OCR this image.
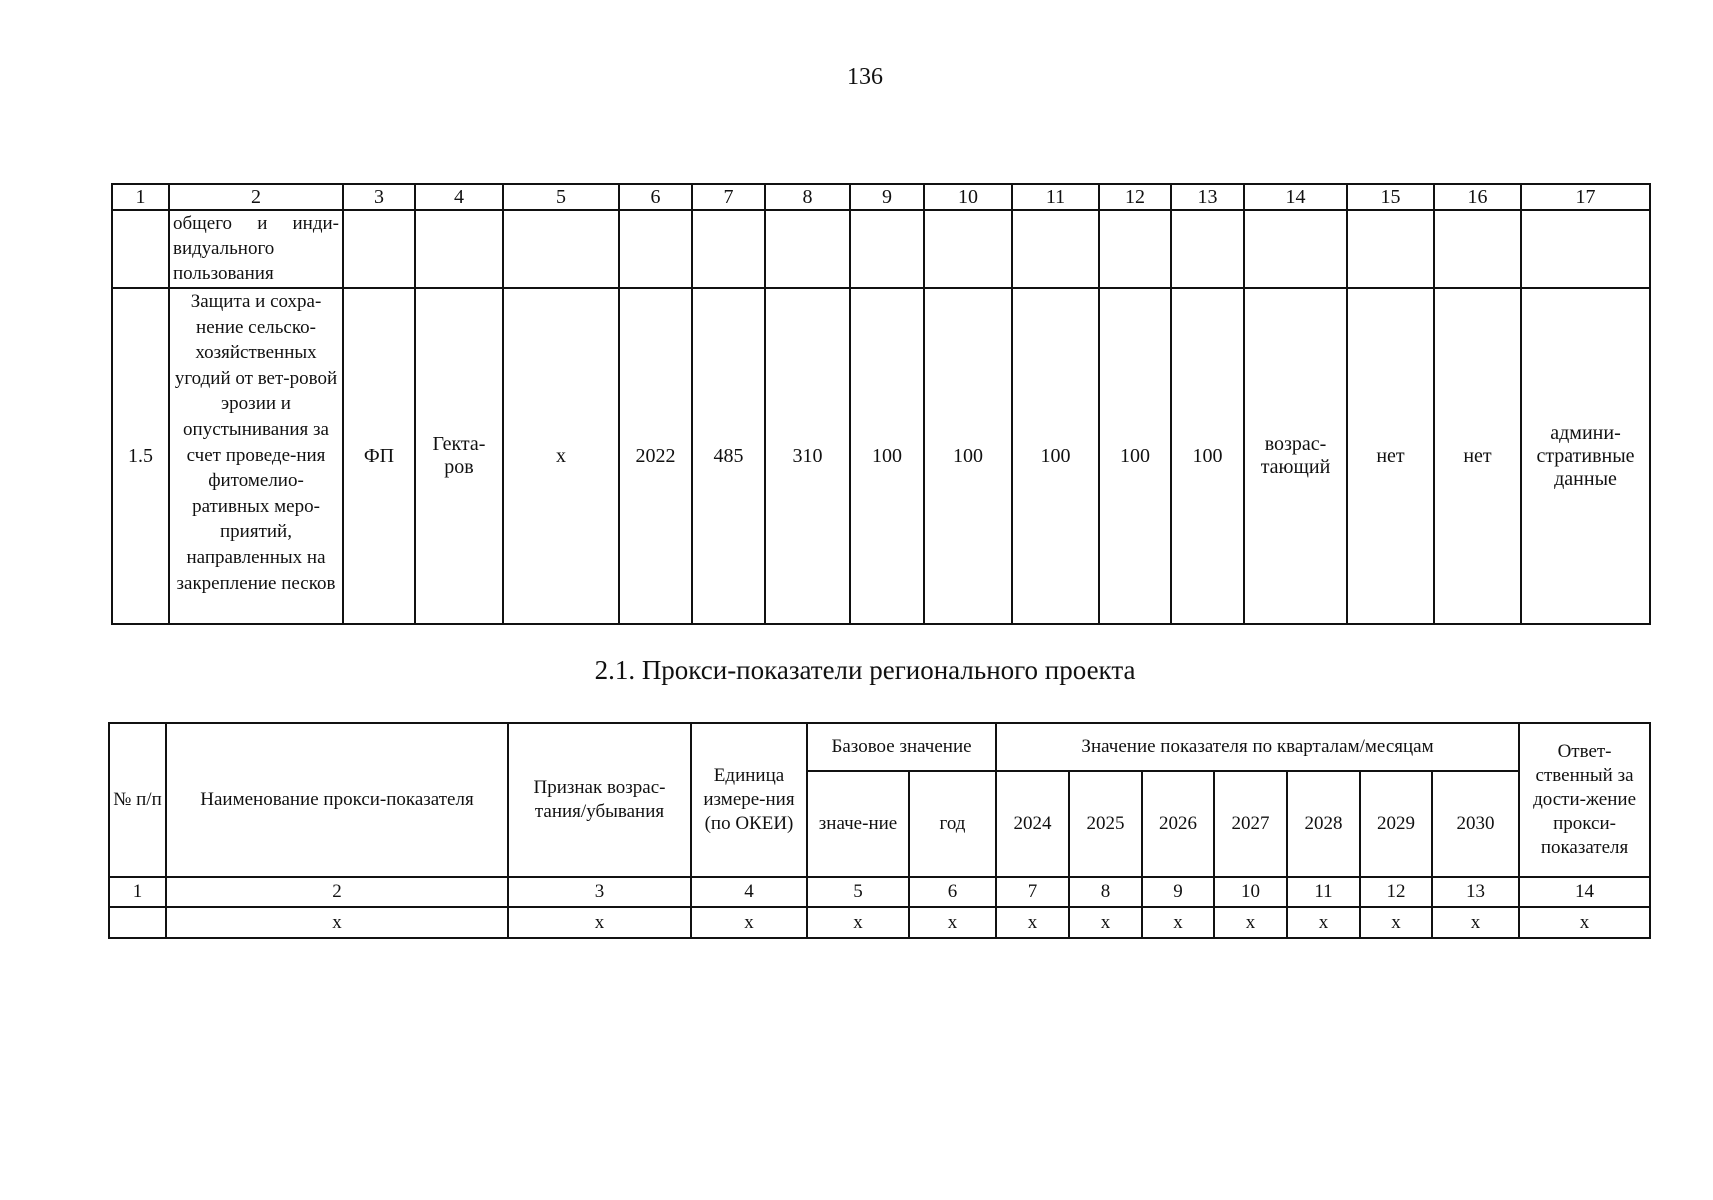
136
1	2	3	4	5	6	7	8	9	10	11	12	13	14	15	16	17
	общего и инди-видуального пользования															
1.5	Защита и сохра-нение сельско-хозяйственных угодий от вет-ровой эрозии и опустынивания за счет проведе-ния фитомелио-ративных меро-приятий, направленных на закрепление песков	ФП	Гекта-ров	х	2022	485	310	100	100	100	100	100	возрас-тающий	нет	нет	админи-стративные данные
2.1. Прокси-показатели регионального проекта
№ п/п	Наименование прокси-показателя	Признак возрас-тания/убывания	Единица измере-ния (по ОКЕИ)	Базовое значение		Значение показателя по кварталам/месяцам							Ответ-ственный за дости-жение прокси-показателя
				значе-ние	год	2024	2025	2026	2027	2028	2029	2030	
1	2	3	4	5	6	7	8	9	10	11	12	13	14
	х	х	х	х	х	х	х	х	х	х	х	х	х
